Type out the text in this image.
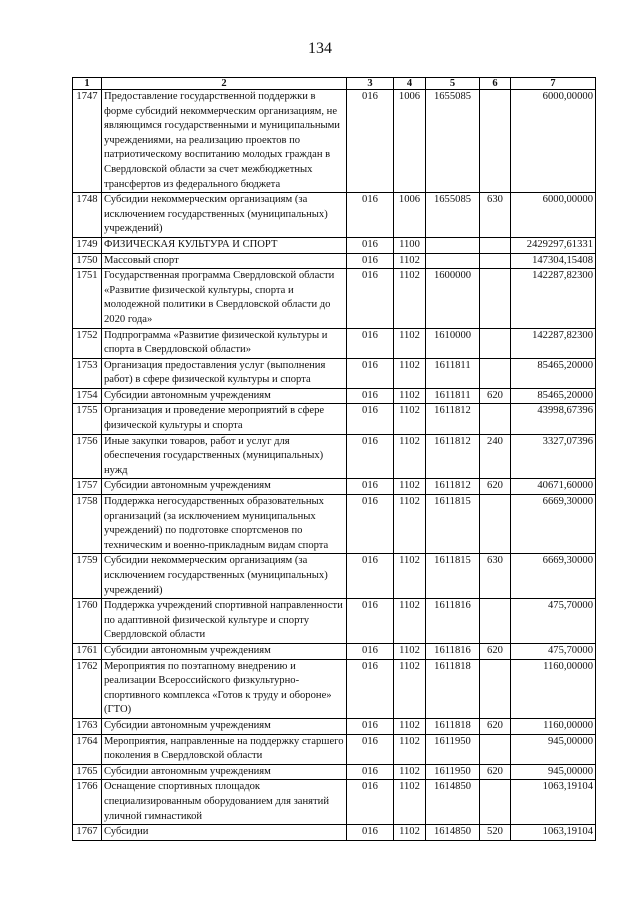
134
1	2	3	4	5	6	7
1747	Предоставление государственной поддержки в форме субсидий некоммерческим организациям, не являющимся государственными и муниципальными учреждениями, на реализацию проектов по патриотическому воспитанию молодых граждан в Свердловской области за счет межбюджетных трансфертов из федерального бюджета	016	1006	1655085		6000,00000
1748	Субсидии некоммерческим организациям (за исключением государственных (муниципальных) учреждений)	016	1006	1655085	630	6000,00000
1749	ФИЗИЧЕСКАЯ КУЛЬТУРА И СПОРТ	016	1100			2429297,61331
1750	Массовый спорт	016	1102			147304,15408
1751	Государственная программа Свердловской области «Развитие физической культуры, спорта и молодежной политики в Свердловской области до 2020 года»	016	1102	1600000		142287,82300
1752	Подпрограмма «Развитие физической культуры и спорта в Свердловской области»	016	1102	1610000		142287,82300
1753	Организация предоставления услуг (выполнения работ) в сфере физической культуры и спорта	016	1102	1611811		85465,20000
1754	Субсидии автономным учреждениям	016	1102	1611811	620	85465,20000
1755	Организация и проведение мероприятий в сфере физической культуры и спорта	016	1102	1611812		43998,67396
1756	Иные закупки товаров, работ и услуг для обеспечения государственных (муниципальных) нужд	016	1102	1611812	240	3327,07396
1757	Субсидии автономным учреждениям	016	1102	1611812	620	40671,60000
1758	Поддержка негосударственных образовательных организаций (за исключением муниципальных учреждений) по подготовке спортсменов по техническим и военно-прикладным видам спорта	016	1102	1611815		6669,30000
1759	Субсидии некоммерческим организациям (за исключением государственных (муниципальных) учреждений)	016	1102	1611815	630	6669,30000
1760	Поддержка учреждений спортивной направленности по адаптивной физической культуре и спорту Свердловской области	016	1102	1611816		475,70000
1761	Субсидии автономным учреждениям	016	1102	1611816	620	475,70000
1762	Мероприятия по поэтапному внедрению и реализации Всероссийского физкультурно-спортивного комплекса «Готов к труду и обороне» (ГТО)	016	1102	1611818		1160,00000
1763	Субсидии автономным учреждениям	016	1102	1611818	620	1160,00000
1764	Мероприятия, направленные на поддержку старшего поколения в Свердловской области	016	1102	1611950		945,00000
1765	Субсидии автономным учреждениям	016	1102	1611950	620	945,00000
1766	Оснащение спортивных площадок специализированным оборудованием для занятий уличной гимнастикой	016	1102	1614850		1063,19104
1767	Субсидии	016	1102	1614850	520	1063,19104
